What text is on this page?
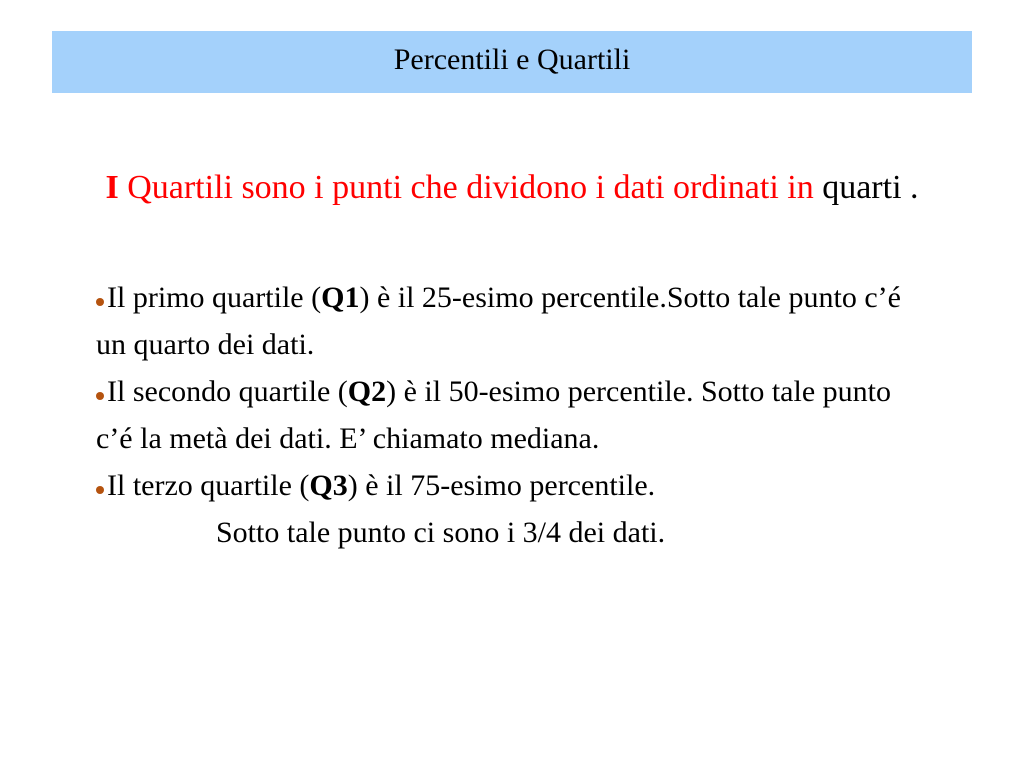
Percentili e Quartili
I Quartili sono i punti che dividono i dati ordinati in quarti .

Il primo quartile (Q1) è il 25-esimo percentile.Sotto tale punto c’é un quarto dei dati.

Il secondo quartile (Q2) è il 50-esimo percentile. Sotto tale punto c’é la metà dei dati. E’ chiamato mediana.

Il terzo quartile (Q3) è il 75-esimo percentile.
Sotto tale punto ci sono i 3/4 dei dati.
